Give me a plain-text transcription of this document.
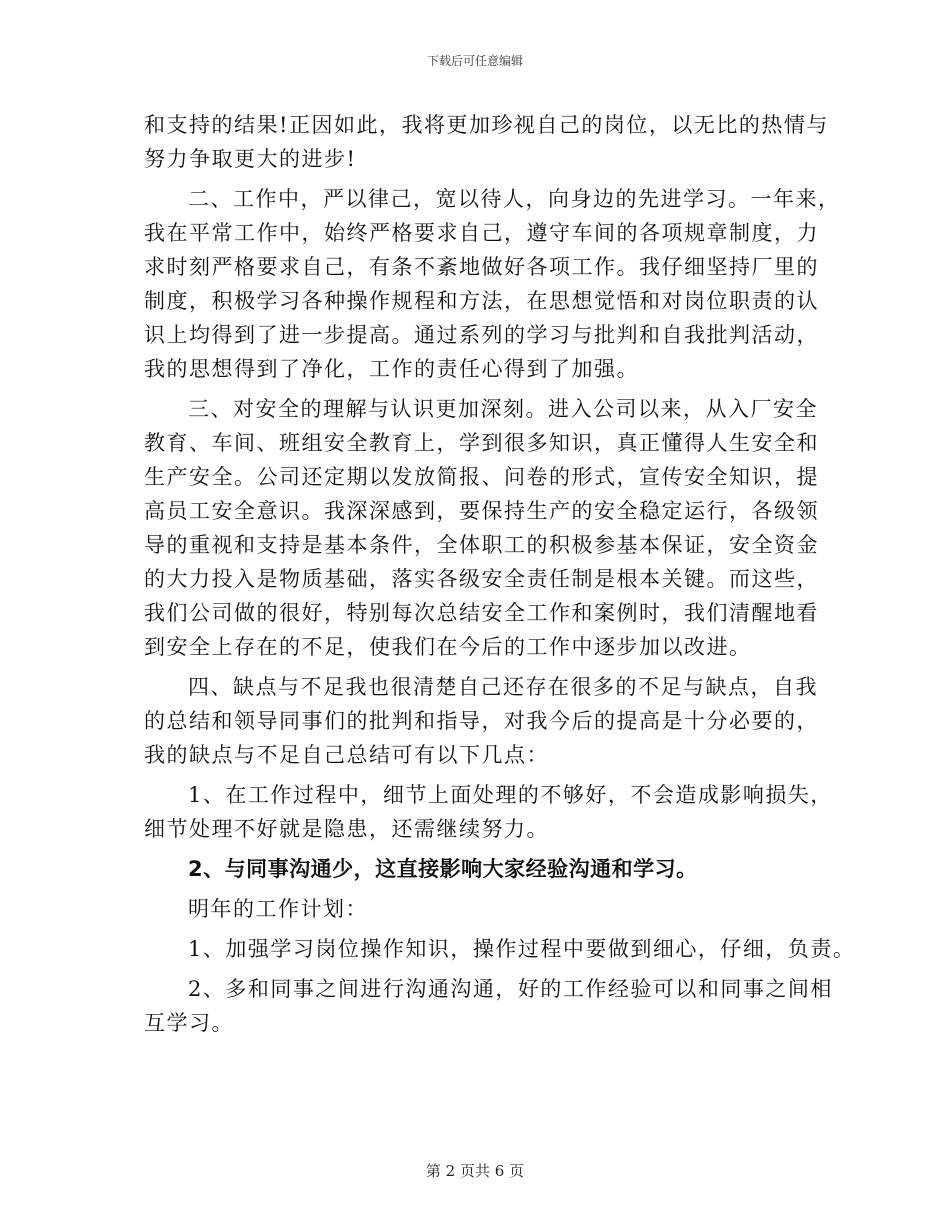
下载后可任意编辑
和支持的结果!正因如此，我将更加珍视自己的岗位，以无比的热情与
努力争取更大的进步!
二、工作中，严以律己，宽以待人，向身边的先进学习。一年来，
我在平常工作中，始终严格要求自己，遵守车间的各项规章制度，力
求时刻严格要求自己，有条不紊地做好各项工作。我仔细坚持厂里的
制度，积极学习各种操作规程和方法，在思想觉悟和对岗位职责的认
识上均得到了进一步提高。通过系列的学习与批判和自我批判活动，
我的思想得到了净化，工作的责任心得到了加强。
三、对安全的理解与认识更加深刻。进入公司以来，从入厂安全
教育、车间、班组安全教育上，学到很多知识，真正懂得人生安全和
生产安全。公司还定期以发放简报、问卷的形式，宣传安全知识，提
高员工安全意识。我深深感到，要保持生产的安全稳定运行，各级领
导的重视和支持是基本条件，全体职工的积极参基本保证，安全资金
的大力投入是物质基础，落实各级安全责任制是根本关键。而这些，
我们公司做的很好，特别每次总结安全工作和案例时，我们清醒地看
到安全上存在的不足，使我们在今后的工作中逐步加以改进。
四、缺点与不足我也很清楚自己还存在很多的不足与缺点，自我
的总结和领导同事们的批判和指导，对我今后的提高是十分必要的，
我的缺点与不足自己总结可有以下几点：
1、在工作过程中，细节上面处理的不够好，不会造成影响损失，
细节处理不好就是隐患，还需继续努力。
2、与同事沟通少，这直接影响大家经验沟通和学习。
明年的工作计划：
1、加强学习岗位操作知识，操作过程中要做到细心，仔细，负责。
2、多和同事之间进行沟通沟通，好的工作经验可以和同事之间相
互学习。
第 2 页共 6 页
